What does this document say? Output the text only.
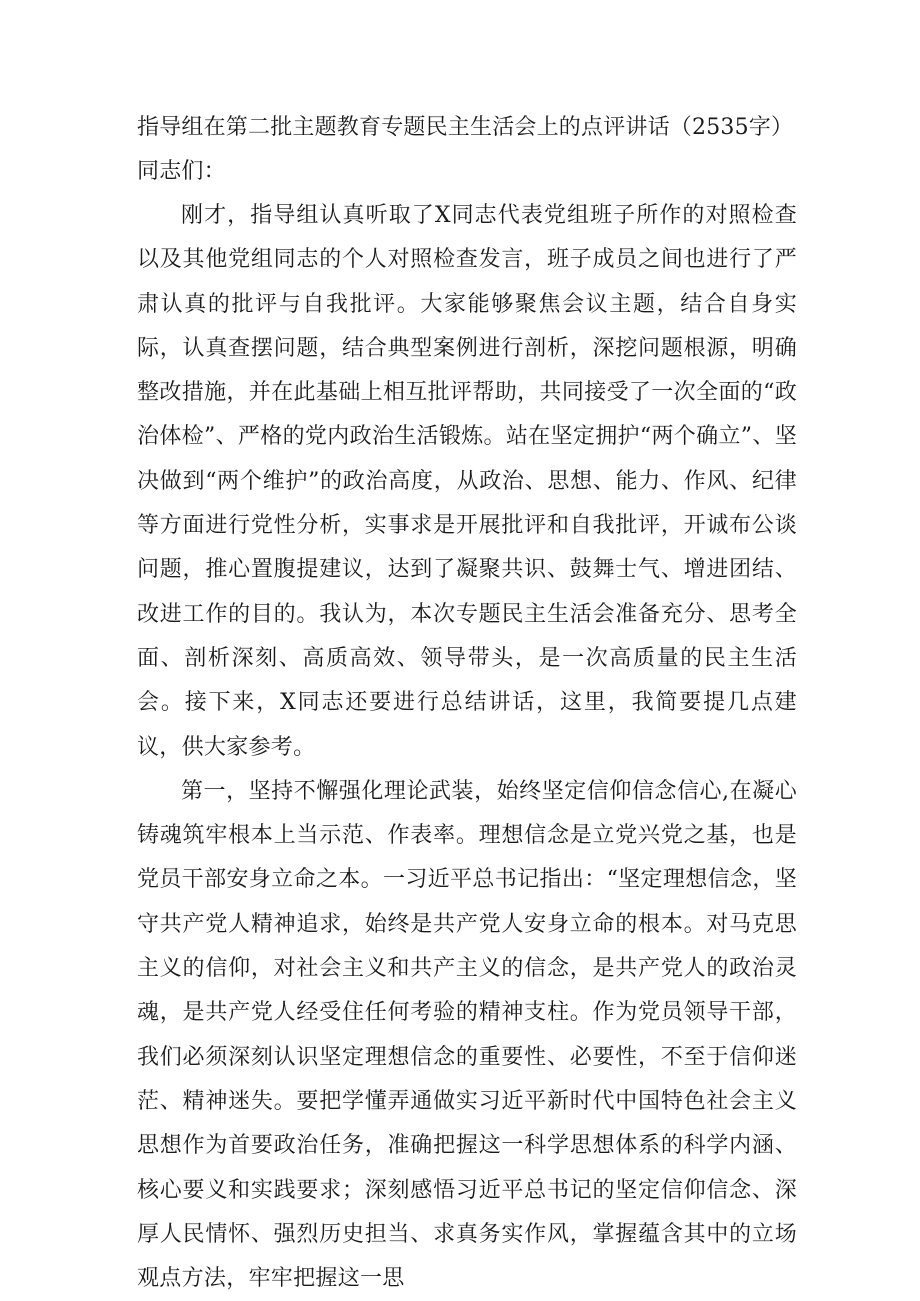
指导组在第二批主题教育专题民主生活会上的点评讲话（2535字）

同志们：

刚才，指导组认真听取了X同志代表党组班子所作的对照检查以及其他党组同志的个人对照检查发言，班子成员之间也进行了严肃认真的批评与自我批评。大家能够聚焦会议主题，结合自身实际，认真查摆问题，结合典型案例进行剖析，深挖问题根源，明确整改措施，并在此基础上相互批评帮助，共同接受了一次全面的“政治体检”、严格的党内政治生活锻炼。站在坚定拥护“两个确立”、坚决做到“两个维护”的政治高度，从政治、思想、能力、作风、纪律等方面进行党性分析，实事求是开展批评和自我批评，开诚布公谈问题，推心置腹提建议，达到了凝聚共识、鼓舞士气、增进团结、改进工作的目的。我认为，本次专题民主生活会准备充分、思考全面、剖析深刻、高质高效、领导带头，是一次高质量的民主生活会。接下来，X同志还要进行总结讲话，这里，我简要提几点建议，供大家参考。

第一，坚持不懈强化理论武装，始终坚定信仰信念信心,在凝心铸魂筑牢根本上当示范、作表率。理想信念是立党兴党之基，也是党员干部安身立命之本。一习近平总书记指出：“坚定理想信念，坚守共产党人精神追求，始终是共产党人安身立命的根本。对马克思主义的信仰，对社会主义和共产主义的信念，是共产党人的政治灵魂，是共产党人经受住任何考验的精神支柱。作为党员领导干部，我们必须深刻认识坚定理想信念的重要性、必要性，不至于信仰迷茫、精神迷失。要把学懂弄通做实习近平新时代中国特色社会主义思想作为首要政治任务，准确把握这一科学思想体系的科学内涵、核心要义和实践要求；深刻感悟习近平总书记的坚定信仰信念、深厚人民情怀、强烈历史担当、求真务实作风，掌握蕴含其中的立场观点方法，牢牢把握这一思
